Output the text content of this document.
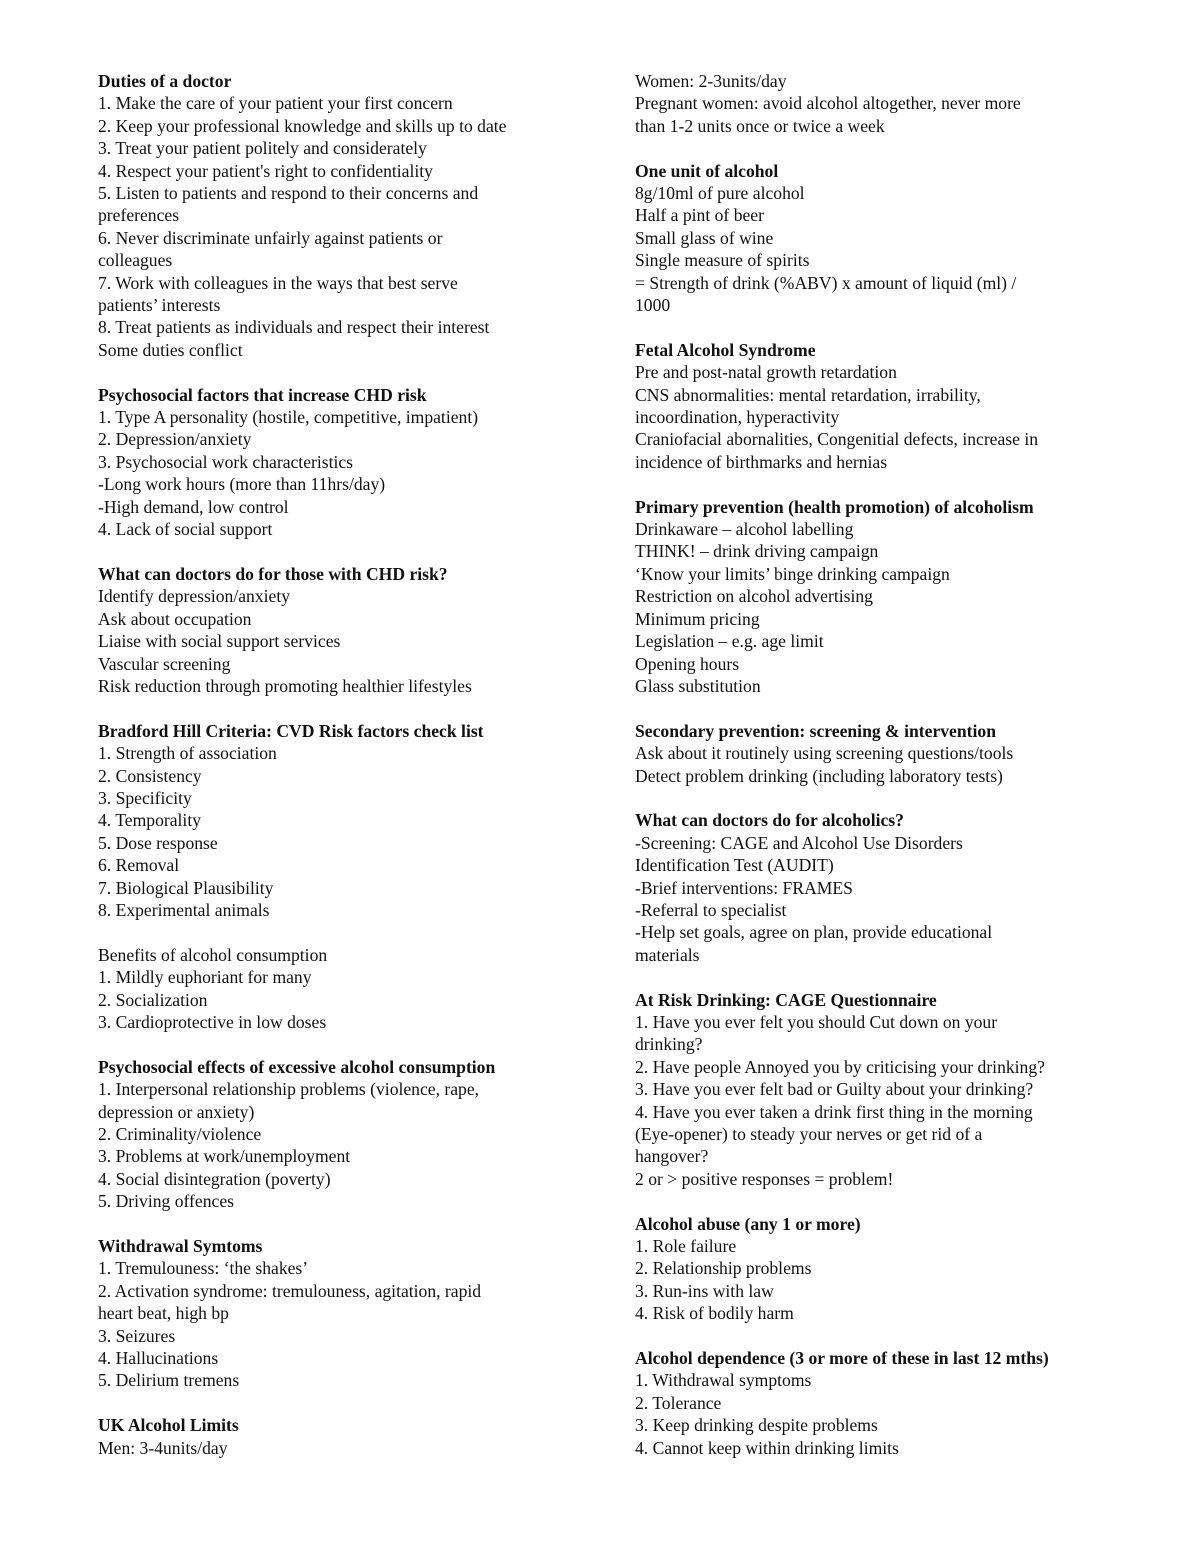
Duties of a doctor
1. Make the care of your patient your first concern
2. Keep your professional knowledge and skills up to date
3. Treat your patient politely and considerately
4. Respect your patient's right to confidentiality
5. Listen to patients and respond to their concerns and
preferences
6. Never discriminate unfairly against patients or
colleagues
7. Work with colleagues in the ways that best serve
patients’ interests
8. Treat patients as individuals and respect their interest
Some duties conflict
Psychosocial factors that increase CHD risk
1. Type A personality (hostile, competitive, impatient)
2. Depression/anxiety
3. Psychosocial work characteristics
-Long work hours (more than 11hrs/day)
-High demand, low control
4. Lack of social support
What can doctors do for those with CHD risk?
Identify depression/anxiety
Ask about occupation
Liaise with social support services
Vascular screening
Risk reduction through promoting healthier lifestyles
Bradford Hill Criteria: CVD Risk factors check list
1. Strength of association
2. Consistency
3. Specificity
4. Temporality
5. Dose response
6. Removal
7. Biological Plausibility
8. Experimental animals
Benefits of alcohol consumption
1. Mildly euphoriant for many
2. Socialization
3. Cardioprotective in low doses
Psychosocial effects of excessive alcohol consumption
1. Interpersonal relationship problems (violence, rape,
depression or anxiety)
2. Criminality/violence
3. Problems at work/unemployment
4. Social disintegration (poverty)
5. Driving offences
Withdrawal Symtoms
1. Tremulouness: ‘the shakes’
2. Activation syndrome: tremulouness, agitation, rapid
heart beat, high bp
3. Seizures
4. Hallucinations
5. Delirium tremens
UK Alcohol Limits
Men: 3-4units/day
Women: 2-3units/day
Pregnant women: avoid alcohol altogether, never more
than 1-2 units once or twice a week
One unit of alcohol
8g/10ml of pure alcohol
Half a pint of beer
Small glass of wine
Single measure of spirits
= Strength of drink (%ABV) x amount of liquid (ml) /
1000
Fetal Alcohol Syndrome
Pre and post-natal growth retardation
CNS abnormalities: mental retardation, irrability,
incoordination, hyperactivity
Craniofacial abornalities, Congenitial defects, increase in
incidence of birthmarks and hernias
Primary prevention (health promotion) of alcoholism
Drinkaware – alcohol labelling
THINK! – drink driving campaign
‘Know your limits’ binge drinking campaign
Restriction on alcohol advertising
Minimum pricing
Legislation – e.g. age limit
Opening hours
Glass substitution
Secondary prevention: screening & intervention
Ask about it routinely using screening questions/tools
Detect problem drinking (including laboratory tests)
What can doctors do for alcoholics?
-Screening: CAGE and Alcohol Use Disorders
Identification Test (AUDIT)
-Brief interventions: FRAMES
-Referral to specialist
-Help set goals, agree on plan, provide educational
materials
At Risk Drinking: CAGE Questionnaire
1. Have you ever felt you should Cut down on your
drinking?
2. Have people Annoyed you by criticising your drinking?
3. Have you ever felt bad or Guilty about your drinking?
4. Have you ever taken a drink first thing in the morning
(Eye-opener) to steady your nerves or get rid of a
hangover?
2 or > positive responses = problem!
Alcohol abuse (any 1 or more)
1. Role failure
2. Relationship problems
3. Run-ins with law
4. Risk of bodily harm
Alcohol dependence (3 or more of these in last 12 mths)
1. Withdrawal symptoms
2. Tolerance
3. Keep drinking despite problems
4. Cannot keep within drinking limits
